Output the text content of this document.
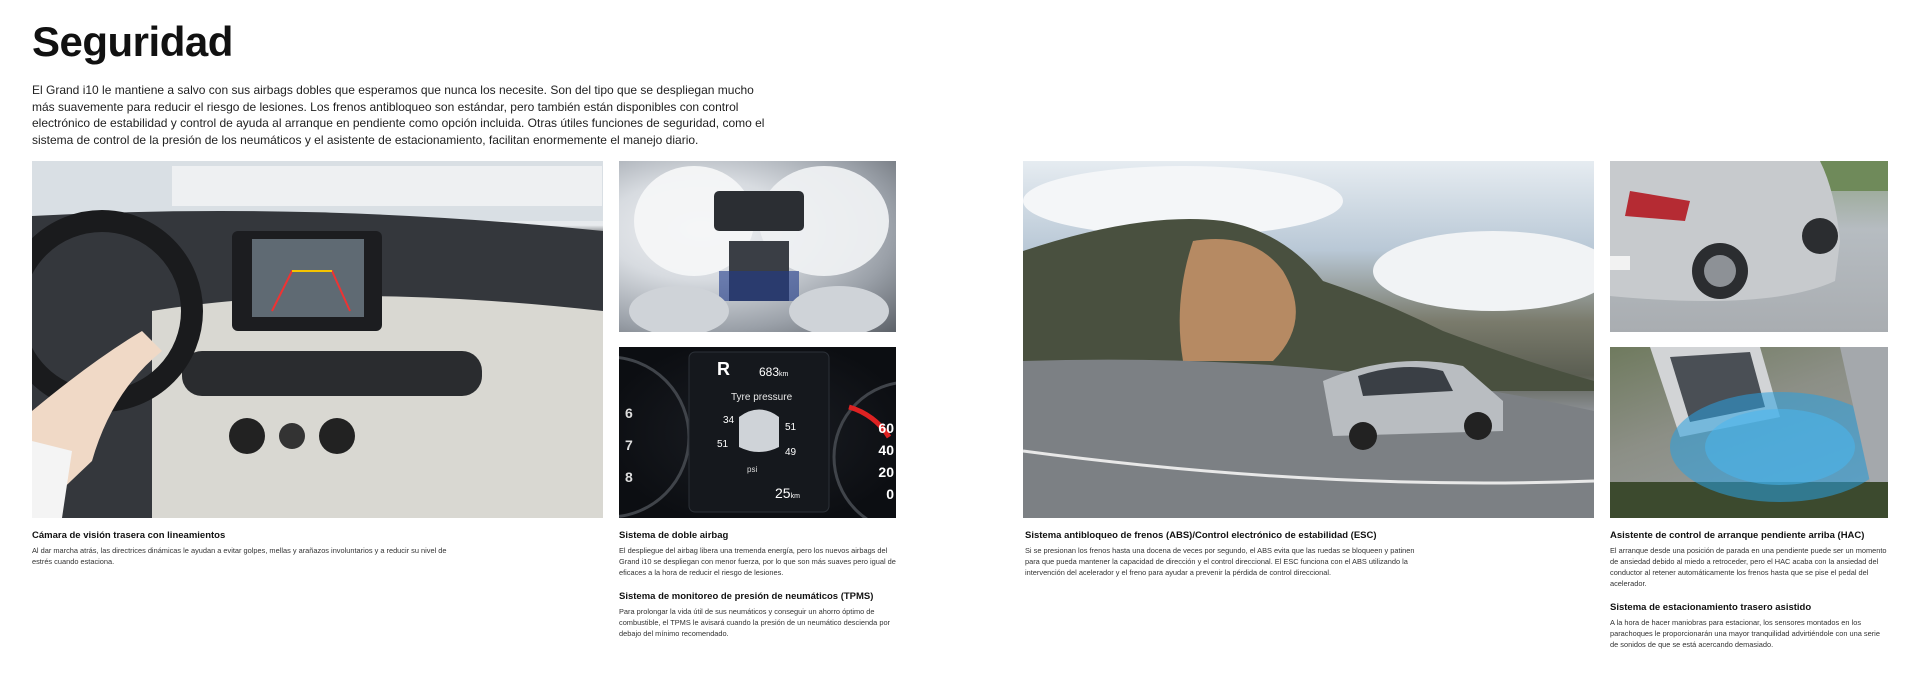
Seguridad

El Grand i10 le mantiene a salvo con sus airbags dobles que esperamos que nunca los necesite. Son del tipo que se despliegan mucho más suavemente para reducir el riesgo de lesiones. Los frenos antibloqueo son estándar, pero también están disponibles con control electrónico de estabilidad y control de ayuda al arranque en pendiente como opción incluida. Otras útiles funciones de seguridad, como el sistema de control de la presión de los neumáticos y el asistente de estacionamiento, facilitan enormemente el manejo diario.

R 683km
Tyre pressure
34
51
51
49
psi
25km
6
7
8
60
40
20
0

Cámara de visión trasera con lineamientos

Al dar marcha atrás, las directrices dinámicas le ayudan a evitar golpes, mellas y arañazos involuntarios y a reducir su nivel de estrés cuando estaciona.

Sistema de doble airbag

El despliegue del airbag libera una tremenda energía, pero los nuevos airbags del Grand i10 se despliegan con menor fuerza, por lo que son más suaves pero igual de eficaces a la hora de reducir el riesgo de lesiones.

Sistema de monitoreo de presión de neumáticos (TPMS)

Para prolongar la vida útil de sus neumáticos y conseguir un ahorro óptimo de combustible, el TPMS le avisará cuando la presión de un neumático descienda por debajo del mínimo recomendado.

Sistema antibloqueo de frenos (ABS)/Control electrónico de estabilidad (ESC)

Si se presionan los frenos hasta una docena de veces por segundo, el ABS evita que las ruedas se bloqueen y patinen para que pueda mantener la capacidad de dirección y el control direccional. El ESC funciona con el ABS utilizando la intervención del acelerador y el freno para ayudar a prevenir la pérdida de control direccional.

Asistente de control de arranque pendiente arriba (HAC)

El arranque desde una posición de parada en una pendiente puede ser un momento de ansiedad debido al miedo a retroceder, pero el HAC acaba con la ansiedad del conductor al retener automáticamente los frenos hasta que se pise el pedal del acelerador.

Sistema de estacionamiento trasero asistido

A la hora de hacer maniobras para estacionar, los sensores montados en los parachoques le proporcionarán una mayor tranquilidad advirtiéndole con una serie de sonidos de que se está acercando demasiado.
